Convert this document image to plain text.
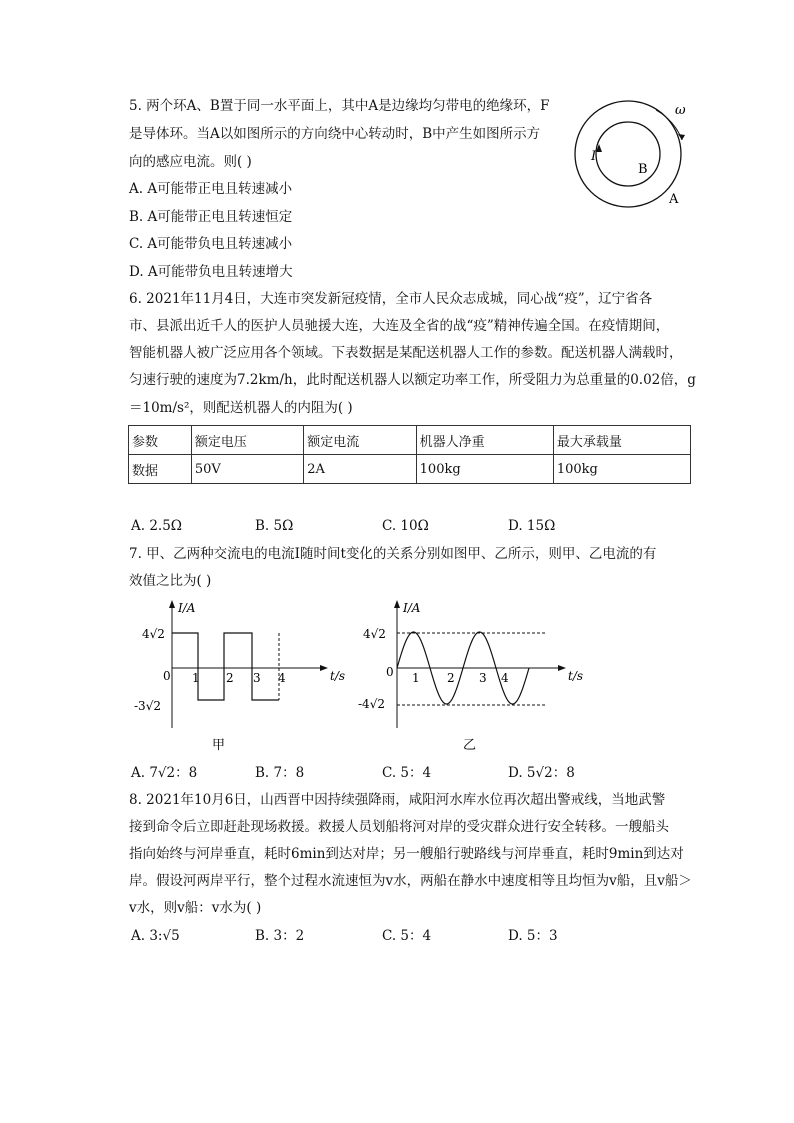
5. 两个环A、B置于同一水平面上，其中A是边缘均匀带电的绝缘环，F
是导体环。当A以如图所示的方向绕中心转动时，B中产生如图所示方
向的感应电流。则( )
A. A可能带正电且转速减小
B. A可能带正电且转速恒定
C. A可能带负电且转速减小
D. A可能带负电且转速增大
ω
I
B
A
6. 2021年11月4日，大连市突发新冠疫情，全市人民众志成城，同心战“疫”，辽宁省各
市、县派出近千人的医护人员驰援大连，大连及全省的战“疫”精神传遍全国。在疫情期间，
智能机器人被广泛应用各个领域。下表数据是某配送机器人工作的参数。配送机器人满载时，
匀速行驶的速度为7.2km/h，此时配送机器人以额定功率工作，所受阻力为总重量的0.02倍，g
＝10m/s²，则配送机器人的内阻为( )
参数	额定电压	额定电流	机器人净重	最大承载量
数据	50V	2A	100kg	100kg
A. 2.5Ω	B. 5Ω	C. 10Ω	D. 15Ω
7. 甲、乙两种交流电的电流I随时间t变化的关系分别如图甲、乙所示，则甲、乙电流的有
效值之比为( )
I/A
t/s
0
4√2
-3√2
1 2 3 4
甲
I/A
t/s
0
4√2
-4√2
1 2 3 4
乙
A. 7√2：8	B. 7：8	C. 5：4	D. 5√2：8
8. 2021年10月6日，山西晋中因持续强降雨，咸阳河水库水位再次超出警戒线，当地武警
接到命令后立即赶赴现场救援。救援人员划船将河对岸的受灾群众进行安全转移。一艘船头
指向始终与河岸垂直，耗时6min到达对岸；另一艘船行驶路线与河岸垂直，耗时9min到达对
岸。假设河两岸平行，整个过程水流速恒为v水，两船在静水中速度相等且均恒为v船，且v船＞
v水，则v船：v水为( )
A. 3:√5	B. 3：2	C. 5：4	D. 5：3
